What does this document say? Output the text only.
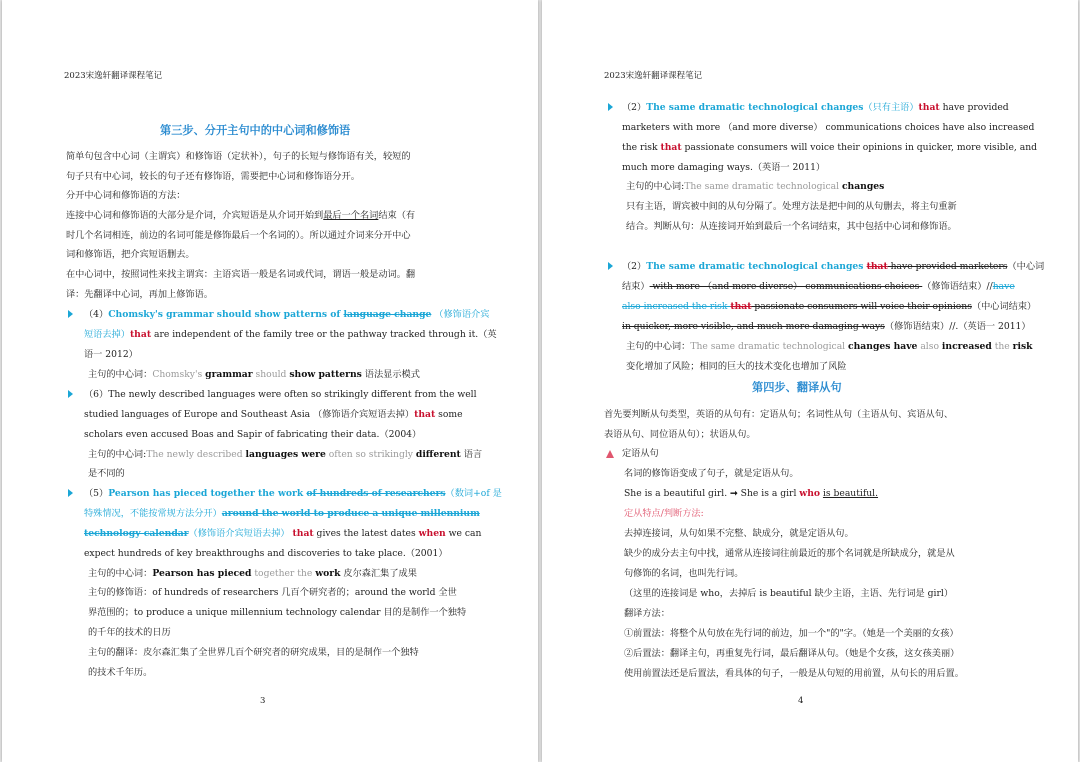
2023宋逸轩翻译课程笔记
第三步、分开主句中的中心词和修饰语
简单句包含中心词（主谓宾）和修饰语（定状补），句子的长短与修饰语有关，较短的
句子只有中心词，较长的句子还有修饰语，需要把中心词和修饰语分开。
分开中心词和修饰语的方法：
连接中心词和修饰语的大部分是介词，介宾短语是从介词开始到最后一个名词结束（有
时几个名词相连，前边的名词可能是修饰最后一个名词的）。所以通过介词来分开中心
词和修饰语，把介宾短语删去。
在中心词中，按照词性来找主谓宾：主语宾语一般是名词或代词，谓语一般是动词。翻
译：先翻译中心词，再加上修饰语。
（4）Chomsky's grammar should show patterns of language change （修饰语介宾
短语去掉）that are independent of the family tree or the pathway tracked through it.（英
语一 2012）
主句的中心词：Chomsky's grammar should show patterns 语法显示模式
（6）The newly described languages were often so strikingly different from the well
studied languages of Europe and Southeast Asia （修饰语介宾短语去掉）that some
scholars even accused Boas and Sapir of fabricating their data.（2004）
主句的中心词:The newly described languages were often so strikingly different 语言
是不同的
（5）Pearson has pieced together the work of hundreds of researchers（数词+of 是
特殊情况，不能按常规方法分开）around the world to produce a unique millennium
technology calendar（修饰语介宾短语去掉） that gives the latest dates when we can
expect hundreds of key breakthroughs and discoveries to take place.（2001）
主句的中心词：Pearson has pieced together the work 皮尔森汇集了成果
主句的修饰语：of hundreds of researchers 几百个研究者的；around the world 全世
界范围的；to produce a unique millennium technology calendar 目的是制作一个独特
的千年的技术的日历
主句的翻译：皮尔森汇集了全世界几百个研究者的研究成果，目的是制作一个独特
的技术千年历。
3
2023宋逸轩翻译课程笔记
（2）The same dramatic technological changes（只有主语）that have provided
marketers with more （and more diverse） communications choices have also increased
the risk that passionate consumers will voice their opinions in quicker, more visible, and
much more damaging ways.（英语一 2011）
主句的中心词:The same dramatic technological changes
只有主语，谓宾被中间的从句分隔了。处理方法是把中间的从句删去，将主句重新
结合。判断从句：从连接词开始到最后一个名词结束，其中包括中心词和修饰语。
（2）The same dramatic technological changes that have provided marketers（中心词
结束） with more （and more diverse） communications choices （修饰语结束）//have
also increased the risk that passionate consumers will voice their opinions（中心词结束）
in quicker, more visible, and much more damaging ways（修饰语结束）//.（英语一 2011）
主句的中心词：The same dramatic technological changes have also increased the risk
变化增加了风险；相同的巨大的技术变化也增加了风险
第四步、翻译从句
首先要判断从句类型，英语的从句有：定语从句；名词性从句（主语从句、宾语从句、
表语从句、同位语从句）；状语从句。
定语从句
名词的修饰语变成了句子，就是定语从句。
She is a beautiful girl. ➞ She is a girl who is beautiful.
定从特点/判断方法:
去掉连接词，从句如果不完整、缺成分，就是定语从句。
缺少的成分去主句中找，通常从连接词往前最近的那个名词就是所缺成分，就是从
句修饰的名词，也叫先行词。
（这里的连接词是 who，去掉后 is beautiful 缺少主语，主语、先行词是 girl）
翻译方法：
①前置法：将整个从句放在先行词的前边，加一个"的"字。（她是一个美丽的女孩）
②后置法：翻译主句，再重复先行词，最后翻译从句。（她是个女孩，这女孩美丽）
使用前置法还是后置法，看具体的句子，一般是从句短的用前置，从句长的用后置。
4
